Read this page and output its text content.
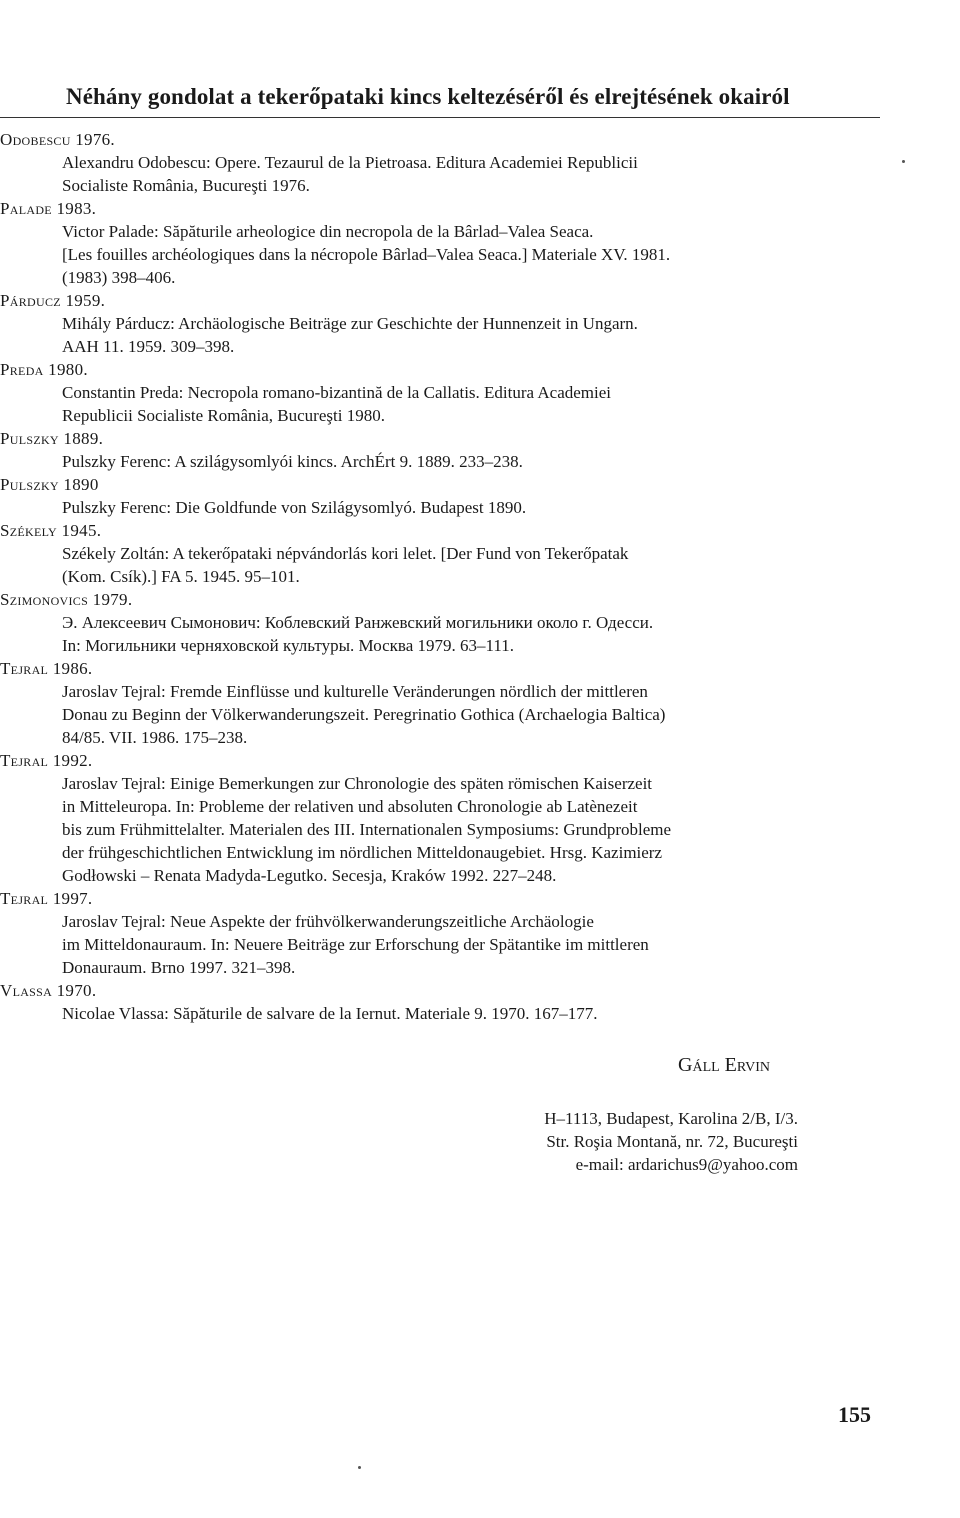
Néhány gondolat a tekerőpataki kincs keltezéséről és elrejtésének okairól
Odobescu 1976.
Alexandru Odobescu: Opere. Tezaurul de la Pietroasa. Editura Academiei Republicii
Socialiste România, Bucureşti 1976.
Palade 1983.
Victor Palade: Săpăturile arheologice din necropola de la Bârlad–Valea Seaca.
[Les fouilles archéologiques dans la nécropole Bârlad–Valea Seaca.] Materiale XV. 1981.
(1983) 398–406.
Párducz 1959.
Mihály Párducz: Archäologische Beiträge zur Geschichte der Hunnenzeit in Ungarn.
AAH 11. 1959. 309–398.
Preda 1980.
Constantin Preda: Necropola romano-bizantină de la Callatis. Editura Academiei
Republicii Socialiste România, Bucureşti 1980.
Pulszky 1889.
Pulszky Ferenc: A szilágysomlyói kincs. ArchÉrt 9. 1889. 233–238.
Pulszky 1890
Pulszky Ferenc: Die Goldfunde von Szilágysomlyó. Budapest 1890.
Székely 1945.
Székely Zoltán: A tekerőpataki népvándorlás kori lelet. [Der Fund von Tekerőpatak
(Kom. Csík).] FA 5. 1945. 95–101.
Szimonovics 1979.
Э. Алексеевич Сымонович: Коблевский Ранжевский могильники около г. Одесси.
In: Могильники черняховской культуры. Москва 1979. 63–111.
Tejral 1986.
Jaroslav Tejral: Fremde Einflüsse und kulturelle Veränderungen nördlich der mittleren
Donau zu Beginn der Völkerwanderungszeit. Peregrinatio Gothica (Archaelogia Baltica)
84/85. VII. 1986. 175–238.
Tejral 1992.
Jaroslav Tejral: Einige Bemerkungen zur Chronologie des späten römischen Kaiserzeit
in Mitteleuropa. In: Probleme der relativen und absoluten Chronologie ab Latènezeit
bis zum Frühmittelalter. Materialen des III. Internationalen Symposiums: Grundprobleme
der frühgeschichtlichen Entwicklung im nördlichen Mitteldonaugebiet. Hrsg. Kazimierz
Godłowski – Renata Madyda-Legutko. Secesja, Kraków 1992. 227–248.
Tejral 1997.
Jaroslav Tejral: Neue Aspekte der frühvölkerwanderungszeitliche Archäologie
im Mitteldonauraum. In: Neuere Beiträge zur Erforschung der Spätantike im mittleren
Donauraum. Brno 1997. 321–398.
Vlassa 1970.
Nicolae Vlassa: Săpăturile de salvare de la Iernut. Materiale 9. 1970. 167–177.
Gáll Ervin
H–1113, Budapest, Karolina 2/B, I/3.
Str. Roşia Montană, nr. 72, Bucureşti
e-mail: ardarichus9@yahoo.com
155
